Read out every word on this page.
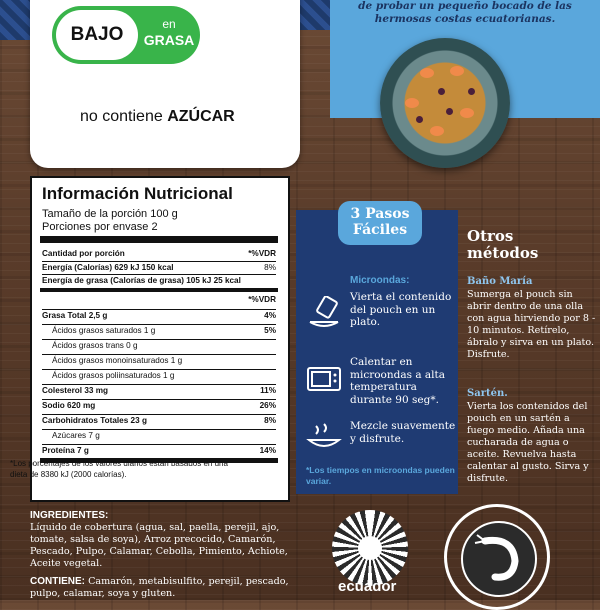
BAJO	en
GRASA
no contiene AZÚCAR
de probar un pequeño bocado de las
hermosas costas ecuatorianas.
Información Nutricional
Tamaño de la porción 100 g
Porciones por envase 2
Cantidad por porción	*%VDR
Energía (Calorías) 629 kJ 150 kcal	8%
Energía de grasa (Calorías de grasa) 105 kJ 25 kcal
*%VDR
Grasa Total 2,5 g	4%
Ácidos grasos saturados 1 g	5%
Ácidos grasos trans 0 g
Ácidos grasos monoinsaturados 1 g
Ácidos grasos poliinsaturados 1 g
Colesterol 33 mg	11%
Sodio 620 mg	26%
Carbohidratos Totales 23 g	8%
Azúcares 7 g
Proteína 7 g	14%
*Los porcentajes de los valores diarios están basados en una dieta de 8380 kJ (2000 calorías).
3 Pasos
Fáciles
Microondas:
Vierta el contenido del pouch en un plato.
Calentar en microondas a alta temperatura durante 90 seg*.
Mezcle suavemente y disfrute.
*Los tiempos en microondas pueden variar.
Otros
métodos
Baño María
Sumerga el pouch sin abrir dentro de una olla con agua hirviendo por 8 - 10 minutos. Retírelo, ábralo y sirva en un plato. Disfrute.
Sartén.
Vierta los contenidos del pouch en un sartén a fuego medio. Añada una cucharada de agua o aceite. Revuelva hasta calentar al gusto. Sirva y disfrute.
INGREDIENTES:
Líquido de cobertura (agua, sal, paella, perejil, ajo, tomate, salsa de soya), Arroz precocido, Camarón, Pescado, Pulpo, Calamar, Cebolla, Pimiento, Achiote, Aceite vegetal.
CONTIENE: Camarón, metabisulfito, perejil, pescado, pulpo, calamar, soya y gluten.	ecuador
